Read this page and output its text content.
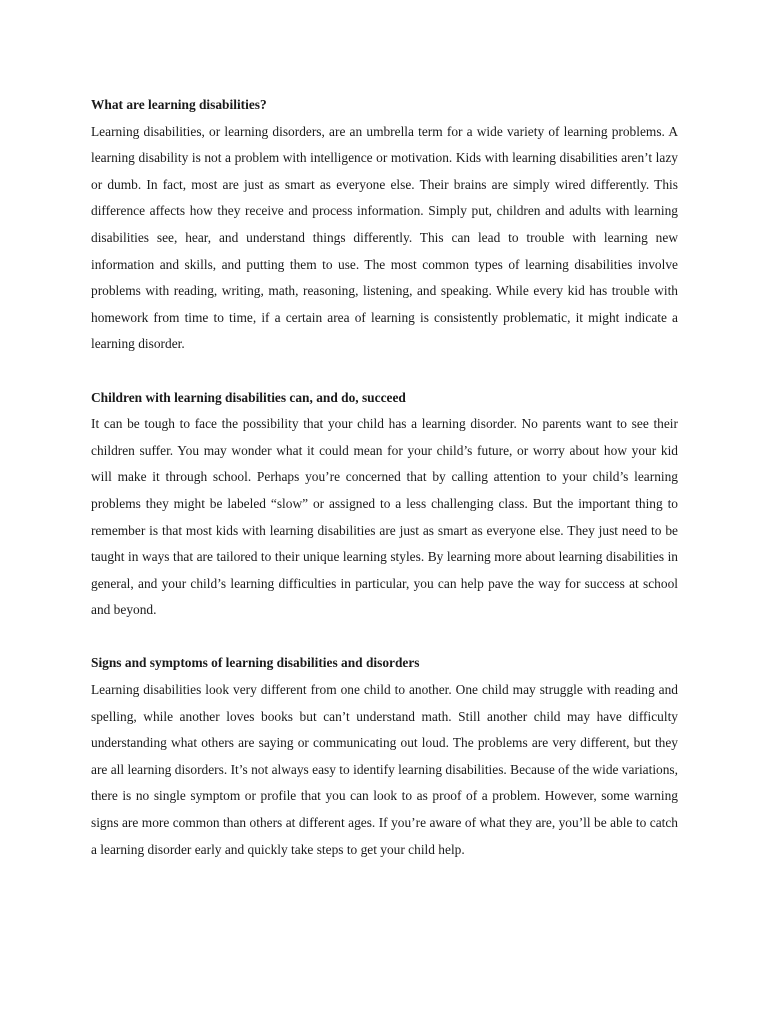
What are learning disabilities?

Learning disabilities, or learning disorders, are an umbrella term for a wide variety of learning problems. A learning disability is not a problem with intelligence or motivation. Kids with learning disabilities aren’t lazy or dumb. In fact, most are just as smart as everyone else. Their brains are simply wired differently. This difference affects how they receive and process information. Simply put, children and adults with learning disabilities see, hear, and understand things differently. This can lead to trouble with learning new information and skills, and putting them to use. The most common types of learning disabilities involve problems with reading, writing, math, reasoning, listening, and speaking. While every kid has trouble with homework from time to time, if a certain area of learning is consistently problematic, it might indicate a learning disorder.

Children with learning disabilities can, and do, succeed

It can be tough to face the possibility that your child has a learning disorder. No parents want to see their children suffer. You may wonder what it could mean for your child’s future, or worry about how your kid will make it through school. Perhaps you’re concerned that by calling attention to your child’s learning problems they might be labeled “slow” or assigned to a less challenging class. But the important thing to remember is that most kids with learning disabilities are just as smart as everyone else. They just need to be taught in ways that are tailored to their unique learning styles. By learning more about learning disabilities in general, and your child’s learning difficulties in particular, you can help pave the way for success at school and beyond.

Signs and symptoms of learning disabilities and disorders

Learning disabilities look very different from one child to another. One child may struggle with reading and spelling, while another loves books but can’t understand math. Still another child may have difficulty understanding what others are saying or communicating out loud. The problems are very different, but they are all learning disorders. It’s not always easy to identify learning disabilities. Because of the wide variations, there is no single symptom or profile that you can look to as proof of a problem. However, some warning signs are more common than others at different ages. If you’re aware of what they are, you’ll be able to catch a learning disorder early and quickly take steps to get your child help.
